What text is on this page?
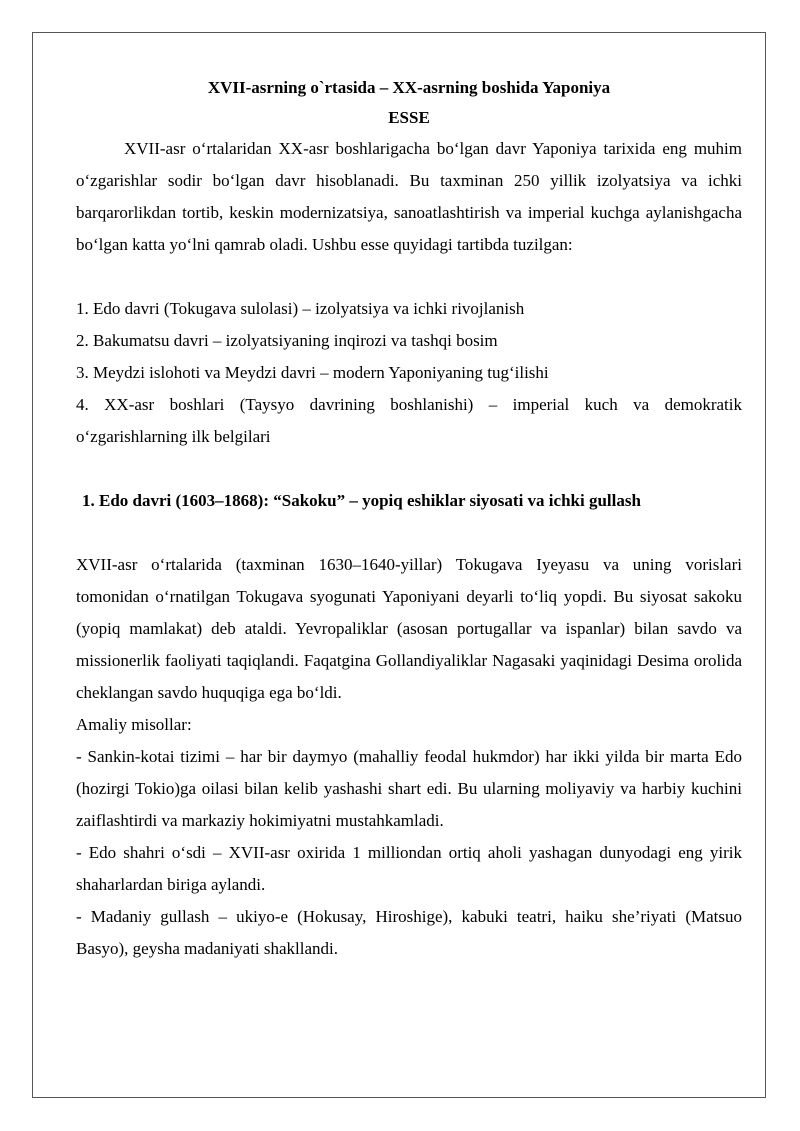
XVII-asrning o`rtasida – XX-asrning boshida Yaponiya
ESSE

XVII-asr o‘rtalaridan XX-asr boshlarigacha bo‘lgan davr Yaponiya tarixida eng muhim o‘zgarishlar sodir bo‘lgan davr hisoblanadi. Bu taxminan 250 yillik izolyatsiya va ichki barqarorlikdan tortib, keskin modernizatsiya, sanoatlashtirish va imperial kuchga aylanishgacha bo‘lgan katta yo‘lni qamrab oladi. Ushbu esse quyidagi tartibda tuzilgan:

1. Edo davri (Tokugava sulolasi) – izolyatsiya va ichki rivojlanish

2. Bakumatsu davri – izolyatsiyaning inqirozi va tashqi bosim

3. Meydzi islohoti va Meydzi davri – modern Yaponiyaning tug‘ilishi

4. XX-asr boshlari (Taysyo davrining boshlanishi) – imperial kuch va demokratik o‘zgarishlarning ilk belgilari

1. Edo davri (1603–1868): “Sakoku” – yopiq eshiklar siyosati va ichki gullash

XVII-asr o‘rtalarida (taxminan 1630–1640-yillar) Tokugava Iyeyasu va uning vorislari tomonidan o‘rnatilgan Tokugava syogunati Yaponiyani deyarli to‘liq yopdi. Bu siyosat sakoku (yopiq mamlakat) deb ataldi. Yevropaliklar (asosan portugallar va ispanlar) bilan savdo va missionerlik faoliyati taqiqlandi. Faqatgina Gollandiyaliklar Nagasaki yaqinidagi Desima orolida cheklangan savdo huquqiga ega bo‘ldi.

Amaliy misollar:

- Sankin-kotai tizimi – har bir daymyo (mahalliy feodal hukmdor) har ikki yilda bir marta Edo (hozirgi Tokio)ga oilasi bilan kelib yashashi shart edi. Bu ularning moliyaviy va harbiy kuchini zaiflashtirdi va markaziy hokimiyatni mustahkamladi.

- Edo shahri o‘sdi – XVII-asr oxirida 1 milliondan ortiq aholi yashagan dunyodagi eng yirik shaharlardan biriga aylandi.

- Madaniy gullash – ukiyo-e (Hokusay, Hiroshige), kabuki teatri, haiku she’riyati (Matsuo Basyo), geysha madaniyati shakllandi.
